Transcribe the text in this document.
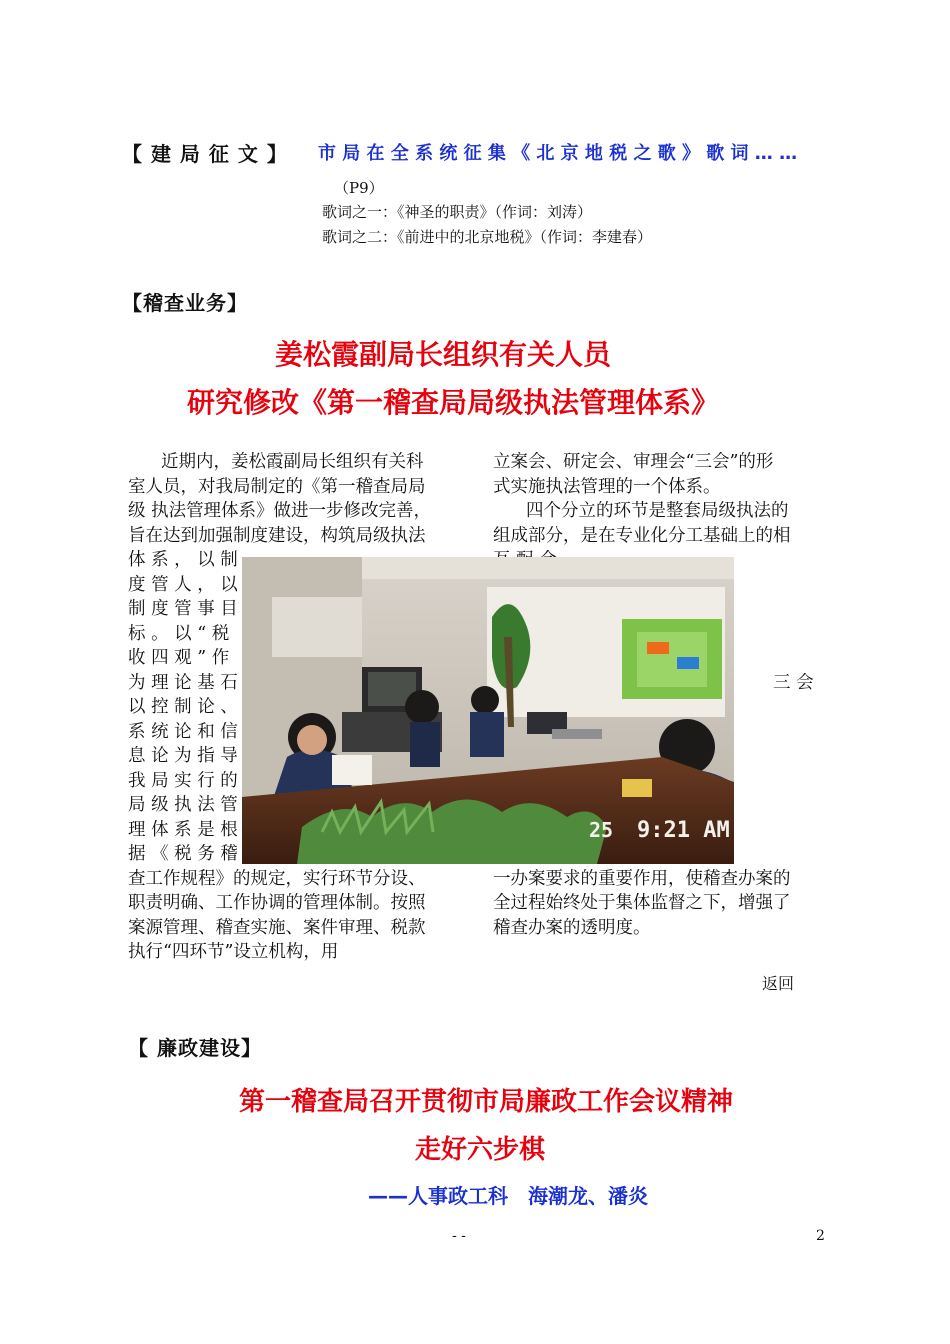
【 建 局 征 文 】 市 局 在 全 系 统 征 集 《 北 京 地 税 之 歌 》 歌 词 … …
（P9）
歌词之一：《神圣的职责》（作词：刘涛）
歌词之二：《前进中的北京地税》（作词：李建春）
【稽查业务】
姜松霞副局长组织有关人员
研究修改《第一稽查局局级执法管理体系》
近期内，姜松霞副局长组织有关科
室人员，对我局制定的《第一稽查局局
级 执法管理体系》做进一步修改完善，
旨在达到加强制度建设，构筑局级执法
体 系 ， 以 制
度 管 人 ， 以
制 度 管 事 目
标 。 以 “ 税
收 四 观 ” 作
为 理 论 基 石
以 控 制 论 、
系 统 论 和 信
息 论 为 指 导
我 局 实 行 的
局 级 执 法 管
理 体 系 是 根
据 《 税 务 稽
查工作规程》的规定，实行环节分设、
职责明确、工作协调的管理体制。按照
案源管理、稽查实施、案件审理、税款
执行“四环节”设立机构，用
立案会、研定会、审理会“三会”的形
式实施执法管理的一个体系。
四个分立的环节是整套局级执法的
组成部分，是在专业化分工基础上的相
三 会
一办案要求的重要作用，使稽查办案的
全过程始终处于集体监督之下，增强了
稽查办案的透明度。
9:21 AM
25
返回
【 廉政建设】
第一稽查局召开贯彻市局廉政工作会议精神
走好六步棋
——人事政工科　海潮龙、潘炎
- -	2
